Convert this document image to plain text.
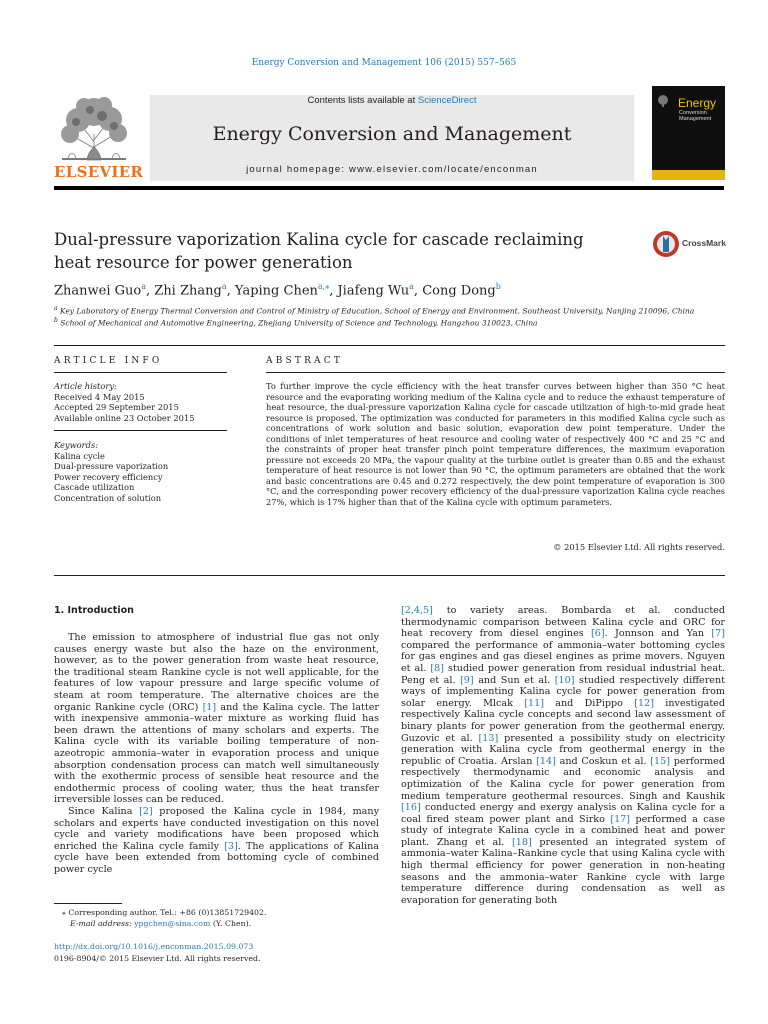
Energy Conversion and Management 106 (2015) 557–565
ELSEVIER
Contents lists available at ScienceDirect
Energy Conversion and Management
journal homepage: www.elsevier.com/locate/enconman
Energy
Conversion
Management
Dual-pressure vaporization Kalina cycle for cascade reclaiming heat resource for power generation
CrossMark
Zhanwei Guo$^a$, Zhi Zhang$^a$, Yaping Chen$^{a,⁎}$, Jiafeng Wu$^a$, Cong Dong$^b$
$^a$ Key Laboratory of Energy Thermal Conversion and Control of Ministry of Education, School of Energy and Environment, Southeast University, Nanjing 210096, China
$^b$ School of Mechanical and Automotive Engineering, Zhejiang University of Science and Technology, Hangzhou 310023, China
ARTICLE INFO	ABSTRACT
Article history:
Received 4 May 2015
Accepted 29 September 2015
Available online 23 October 2015
Keywords:
Kalina cycle
Dual-pressure vaporization
Power recovery efficiency
Cascade utilization
Concentration of solution
To further improve the cycle efficiency with the heat transfer curves between higher than 350 °C heat resource and the evaporating working medium of the Kalina cycle and to reduce the exhaust temperature of heat resource, the dual-pressure vaporization Kalina cycle for cascade utilization of high-to-mid grade heat resource is proposed. The optimization was conducted for parameters in this modified Kalina cycle such as concentrations of work solution and basic solution, evaporation dew point temperature. Under the conditions of inlet temperatures of heat resource and cooling water of respectively 400 °C and 25 °C and the constraints of proper heat transfer pinch point temperature differences, the maximum evaporation pressure not exceeds 20 MPa, the vapour quality at the turbine outlet is greater than 0.85 and the exhaust temperature of heat resource is not lower than 90 °C, the optimum parameters are obtained that the work and basic concentrations are 0.45 and 0.272 respectively, the dew point temperature of evaporation is 300 °C, and the corresponding power recovery efficiency of the dual-pressure vaporization Kalina cycle reaches 27%, which is 17% higher than that of the Kalina cycle with optimum parameters.
© 2015 Elsevier Ltd. All rights reserved.
1. Introduction

The emission to atmosphere of industrial flue gas not only causes energy waste but also the haze on the environment, however, as to the power generation from waste heat resource, the traditional steam Rankine cycle is not well applicable, for the features of low vapour pressure and large specific volume of steam at room temperature. The alternative choices are the organic Rankine cycle (ORC) [1] and the Kalina cycle. The latter with inexpensive ammonia–water mixture as working fluid has been drawn the attentions of many scholars and experts. The Kalina cycle with its variable boiling temperature of non-azeotropic ammonia–water in evaporation process and unique absorption condensation process can match well simultaneously with the exothermic process of sensible heat resource and the endothermic process of cooling water, thus the heat transfer irreversible losses can be reduced.

Since Kalina [2] proposed the Kalina cycle in 1984, many scholars and experts have conducted investigation on this novel cycle and variety modifications have been proposed which enriched the Kalina cycle family [3]. The applications of Kalina cycle have been extended from bottoming cycle of combined power cycle

[2,4,5] to variety areas. Bombarda et al. conducted thermodynamic comparison between Kalina cycle and ORC for heat recovery from diesel engines [6]. Jonnson and Yan [7] compared the performance of ammonia–water bottoming cycles for gas engines and gas diesel engines as prime movers. Nguyen et al. [8] studied power generation from residual industrial heat. Peng et al. [9] and Sun et al. [10] studied respectively different ways of implementing Kalina cycle for power generation from solar energy. Mlcak [11] and DiPippo [12] investigated respectively Kalina cycle concepts and second law assessment of binary plants for power generation from the geothermal energy. Guzovic et al. [13] presented a possibility study on electricity generation with Kalina cycle from geothermal energy in the republic of Croatia. Arslan [14] and Coskun et al. [15] performed respectively thermodynamic and economic analysis and optimization of the Kalina cycle for power generation from medium temperature geothermal resources. Singh and Kaushik [16] conducted energy and exergy analysis on Kalina cycle for a coal fired steam power plant and Sirko [17] performed a case study of integrate Kalina cycle in a combined heat and power plant. Zhang et al. [18] presented an integrated system of ammonia–water Kalina–Rankine cycle that using Kalina cycle with high thermal efficiency for power generation in non-heating seasons and the ammonia–water Rankine cycle with large temperature difference during condensation as well as evaporation for generating both

⁎ Corresponding author. Tel.: +86 (0)13851729402.
E-mail address: ypgchen@sina.com (Y. Chen).
http://dx.doi.org/10.1016/j.enconman.2015.09.073
0196-8904/© 2015 Elsevier Ltd. All rights reserved.
